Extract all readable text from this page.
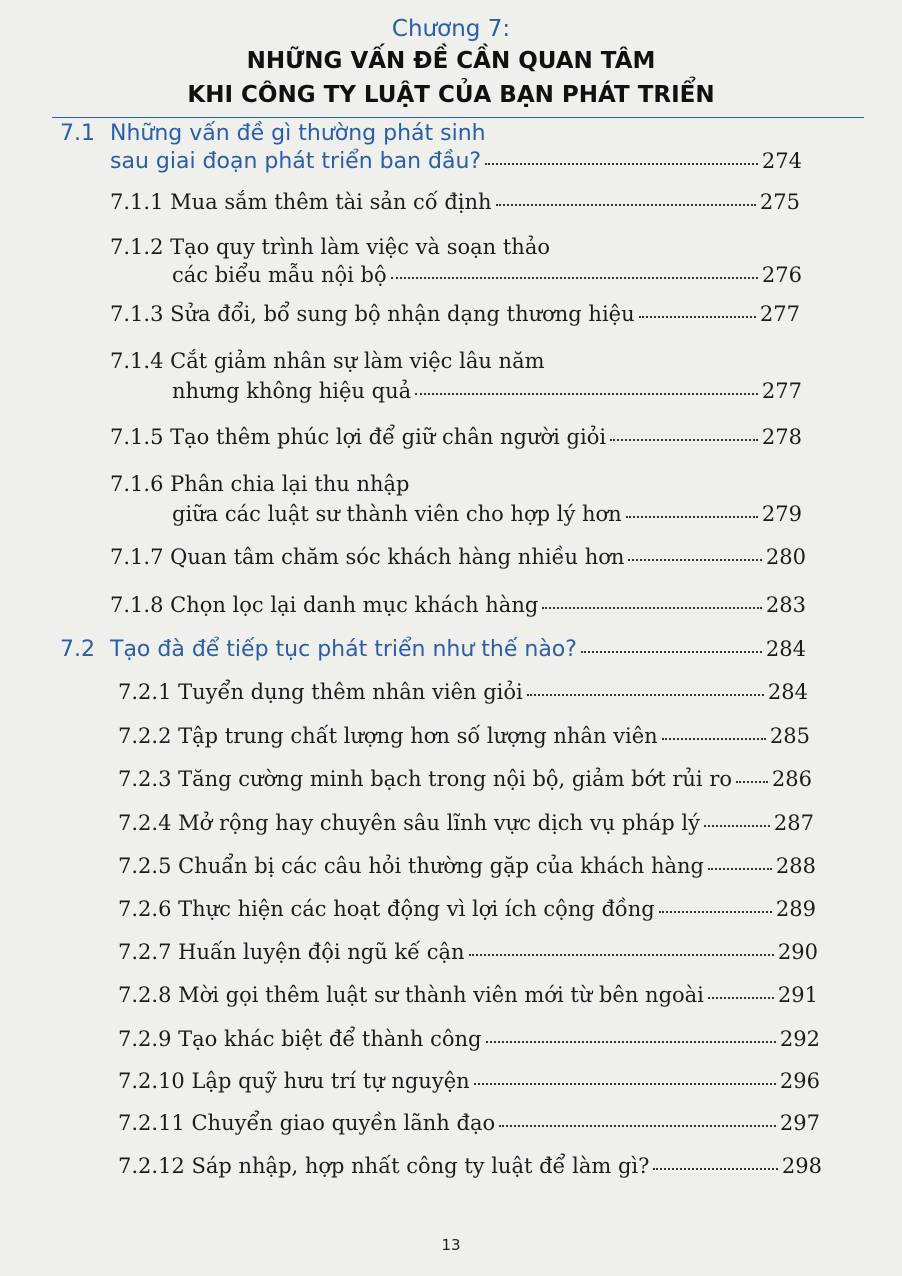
Chương 7:
NHỮNG VẤN ĐỀ CẦN QUAN TÂM
KHI CÔNG TY LUẬT CỦA BẠN PHÁT TRIỂN
7.1 Những vấn đề gì thường phát sinh
sau giai đoạn phát triển ban đầu?	274
7.1.1
Mua sắm thêm tài sản cố định	275
7.1.2
Tạo quy trình làm việc và soạn thảo
các biểu mẫu nội bộ	276
7.1.3
Sửa đổi, bổ sung bộ nhận dạng thương hiệu	277
7.1.4
Cắt giảm nhân sự làm việc lâu năm
nhưng không hiệu quả	277
7.1.5
Tạo thêm phúc lợi để giữ chân người giỏi	278
7.1.6
Phân chia lại thu nhập
giữa các luật sư thành viên cho hợp lý hơn	279
7.1.7
Quan tâm chăm sóc khách hàng nhiều hơn	280
7.1.8
Chọn lọc lại danh mục khách hàng	283
7.2 Tạo đà để tiếp tục phát triển như thế nào?	284
7.2.1
Tuyển dụng thêm nhân viên giỏi	284
7.2.2
Tập trung chất lượng hơn số lượng nhân viên	285
7.2.3
Tăng cường minh bạch trong nội bộ, giảm bớt rủi ro 286
7.2.4
Mở rộng hay chuyên sâu lĩnh vực dịch vụ pháp lý	287
7.2.5
Chuẩn bị các câu hỏi thường gặp của khách hàng	288
7.2.6
Thực hiện các hoạt động vì lợi ích cộng đồng	289
7.2.7
Huấn luyện đội ngũ kế cận	290
7.2.8
Mời gọi thêm luật sư thành viên mới từ bên ngoài	291
7.2.9
Tạo khác biệt để thành công	292
7.2.10
Lập quỹ hưu trí tự nguyện	296
7.2.11
Chuyển giao quyền lãnh đạo	297
7.2.12
Sáp nhập, hợp nhất công ty luật để làm gì?	298
13
